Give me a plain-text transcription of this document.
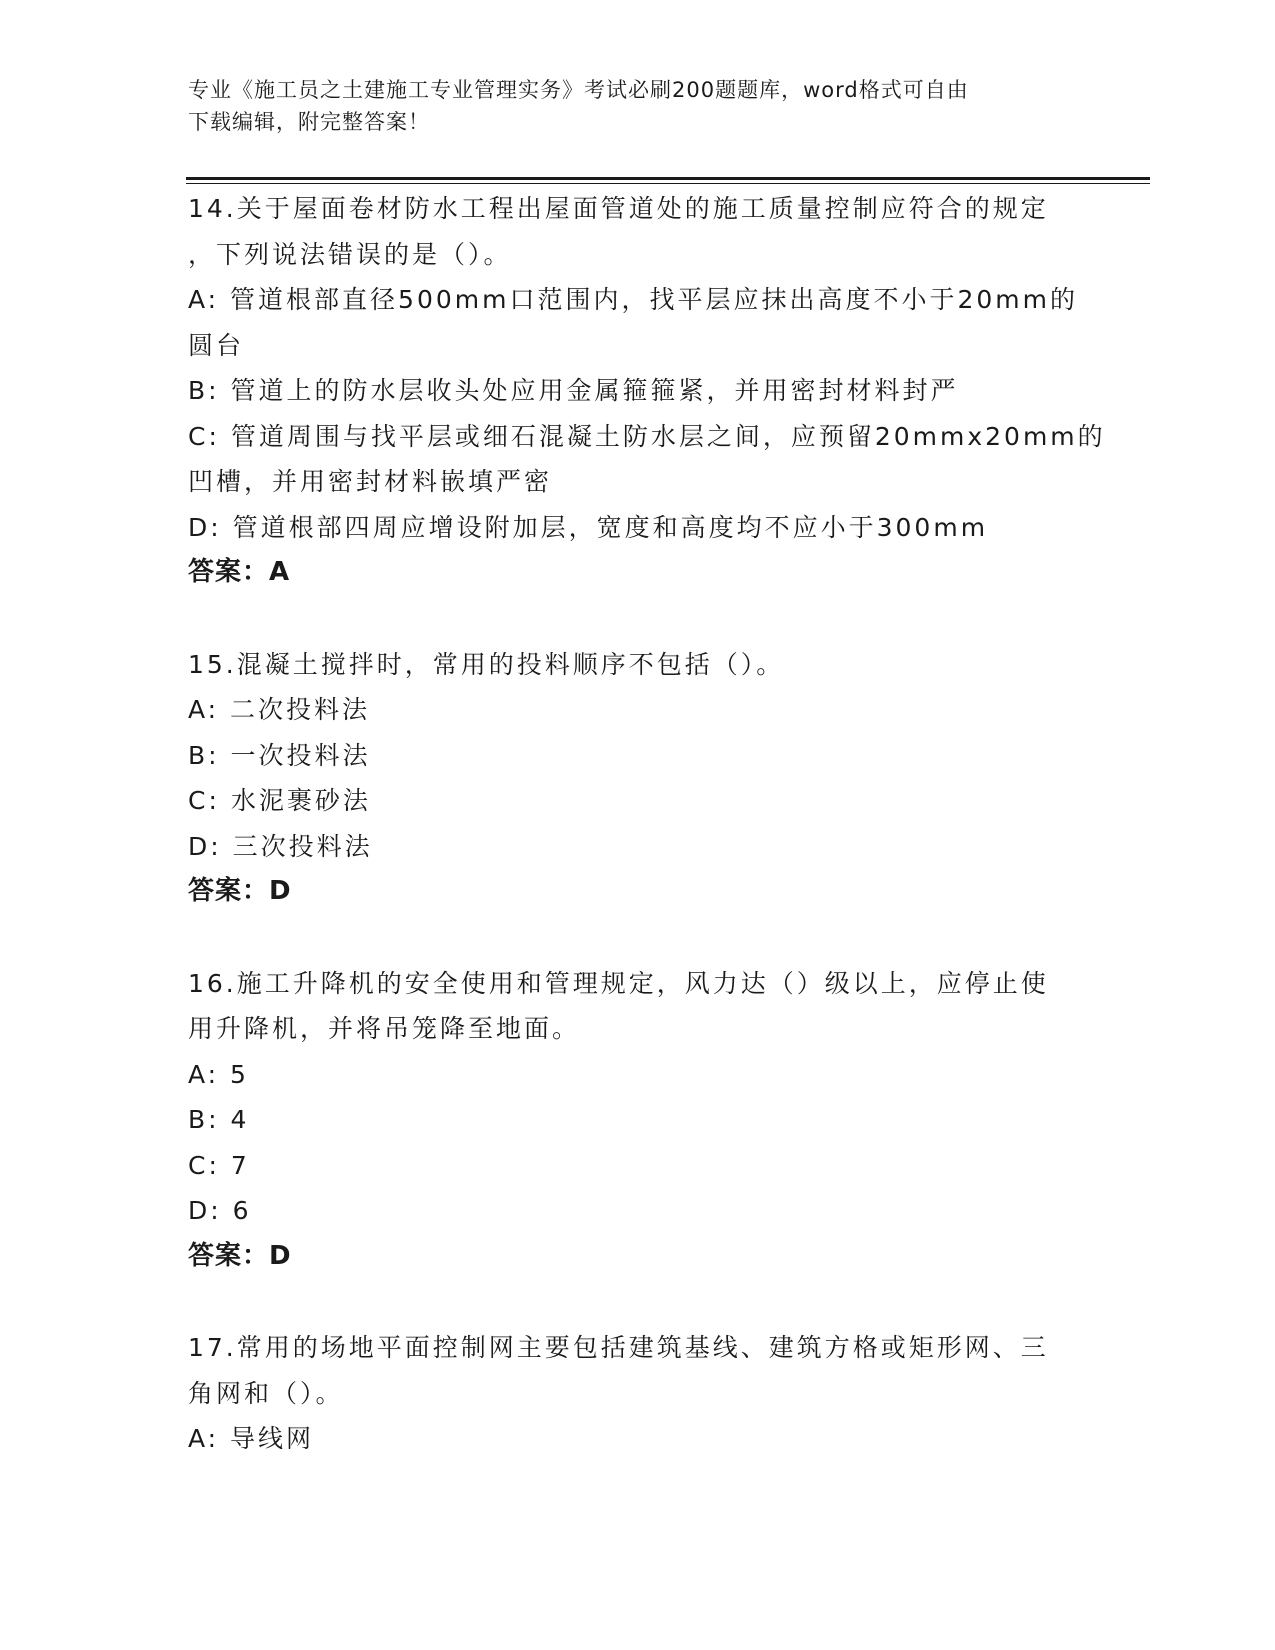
专业《施工员之土建施工专业管理实务》考试必刷200题题库，word格式可自由
下载编辑，附完整答案！
14.关于屋面卷材防水工程出屋面管道处的施工质量控制应符合的规定
，下列说法错误的是（）。
A: 管道根部直径500mm口范围内，找平层应抹出高度不小于20mm的
圆台
B: 管道上的防水层收头处应用金属箍箍紧，并用密封材料封严
C: 管道周围与找平层或细石混凝土防水层之间，应预留20mmx20mm的
凹槽，并用密封材料嵌填严密
D: 管道根部四周应增设附加层，宽度和高度均不应小于300mm
答案：A
15.混凝土搅拌时，常用的投料顺序不包括（）。
A: 二次投料法
B: 一次投料法
C: 水泥裹砂法
D: 三次投料法
答案：D
16.施工升降机的安全使用和管理规定，风力达（）级以上，应停止使
用升降机，并将吊笼降至地面。
A: 5
B: 4
C: 7
D: 6
答案：D
17.常用的场地平面控制网主要包括建筑基线、建筑方格或矩形网、三
角网和（）。
A: 导线网
